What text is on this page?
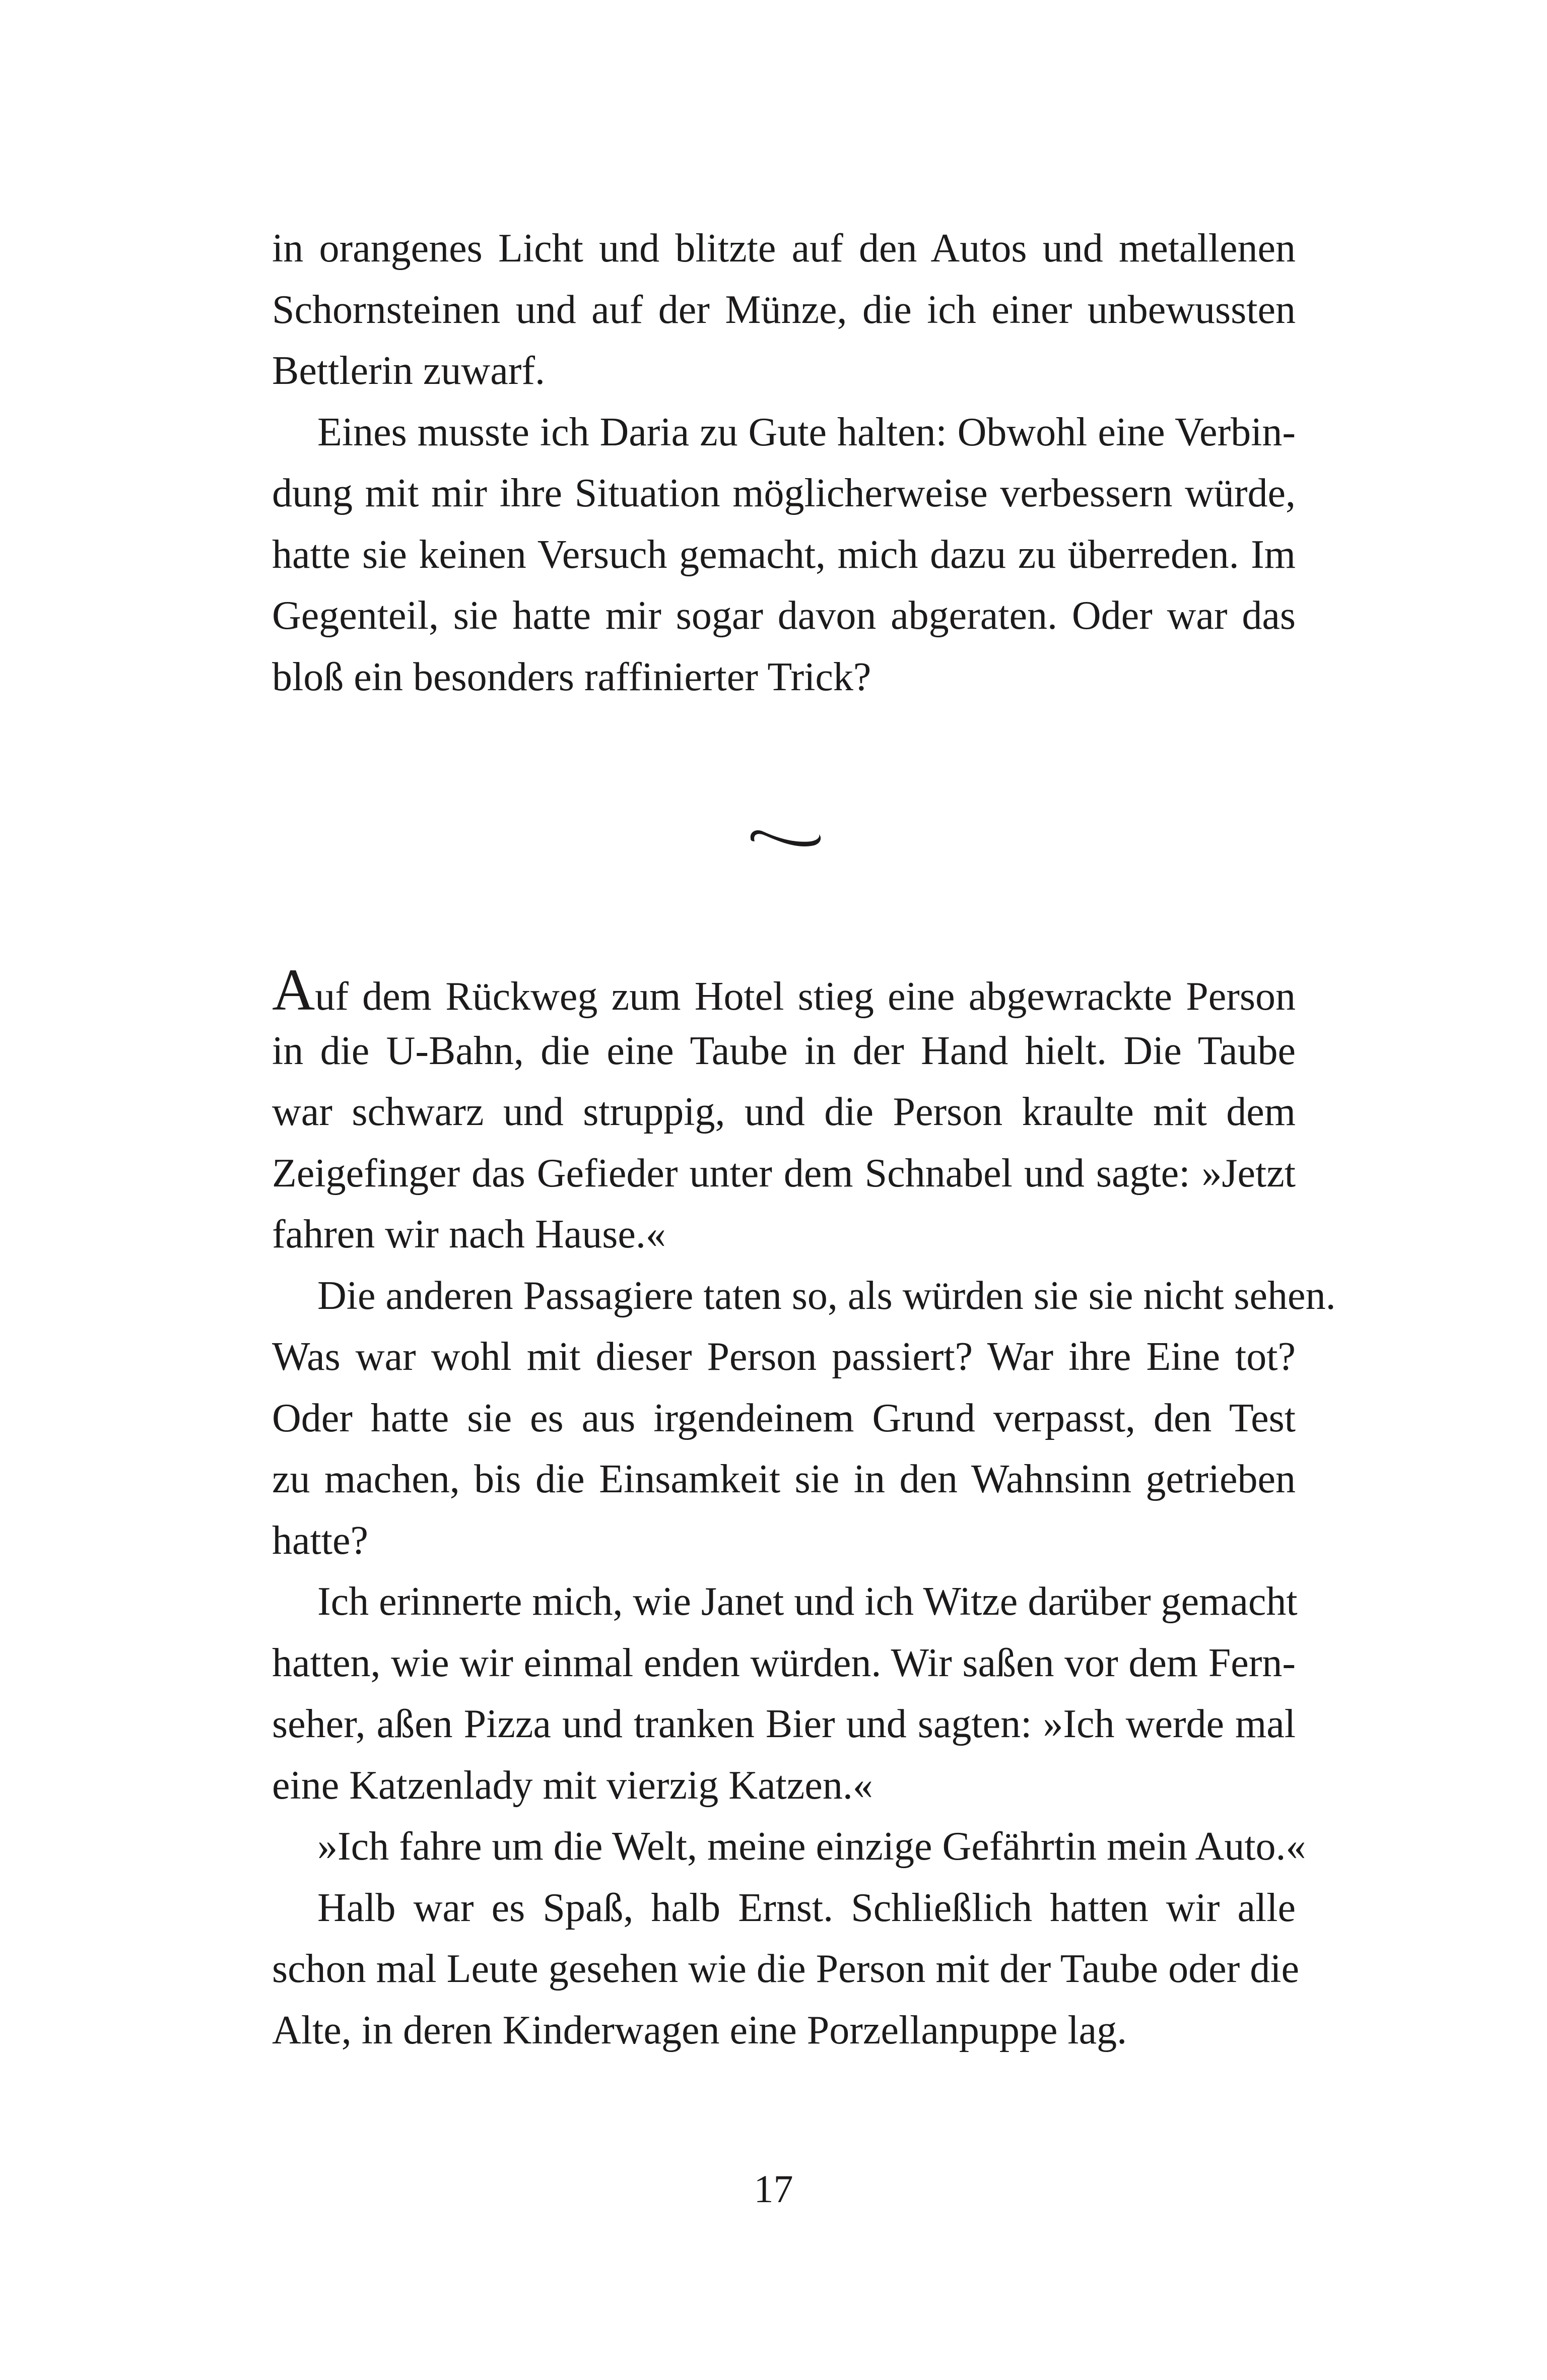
in orangenes Licht und blitzte auf den Autos und metallenen
Schornsteinen und auf der Münze, die ich einer unbewussten
Bettlerin zuwarf.
Eines musste ich Daria zu Gute halten: Obwohl eine Verbin-
dung mit mir ihre Situation möglicherweise verbessern würde,
hatte sie keinen Versuch gemacht, mich dazu zu überreden. Im
Gegenteil, sie hatte mir sogar davon abgeraten. Oder war das
bloß ein besonders raffinierter Trick?
Auf dem Rückweg zum Hotel stieg eine abgewrackte Person
in die U-Bahn, die eine Taube in der Hand hielt. Die Taube
war schwarz und struppig, und die Person kraulte mit dem
Zeigefinger das Gefieder unter dem Schnabel und sagte: »Jetzt
fahren wir nach Hause.«
Die anderen Passagiere taten so, als würden sie sie nicht sehen.
Was war wohl mit dieser Person passiert? War ihre Eine tot?
Oder hatte sie es aus irgendeinem Grund verpasst, den Test
zu machen, bis die Einsamkeit sie in den Wahnsinn getrieben
hatte?
Ich erinnerte mich, wie Janet und ich Witze darüber gemacht
hatten, wie wir einmal enden würden. Wir saßen vor dem Fern-
seher, aßen Pizza und tranken Bier und sagten: »Ich werde mal
eine Katzenlady mit vierzig Katzen.«
»Ich fahre um die Welt, meine einzige Gefährtin mein Auto.«
Halb war es Spaß, halb Ernst. Schließlich hatten wir alle
schon mal Leute gesehen wie die Person mit der Taube oder die
Alte, in deren Kinderwagen eine Porzellanpuppe lag.
17
